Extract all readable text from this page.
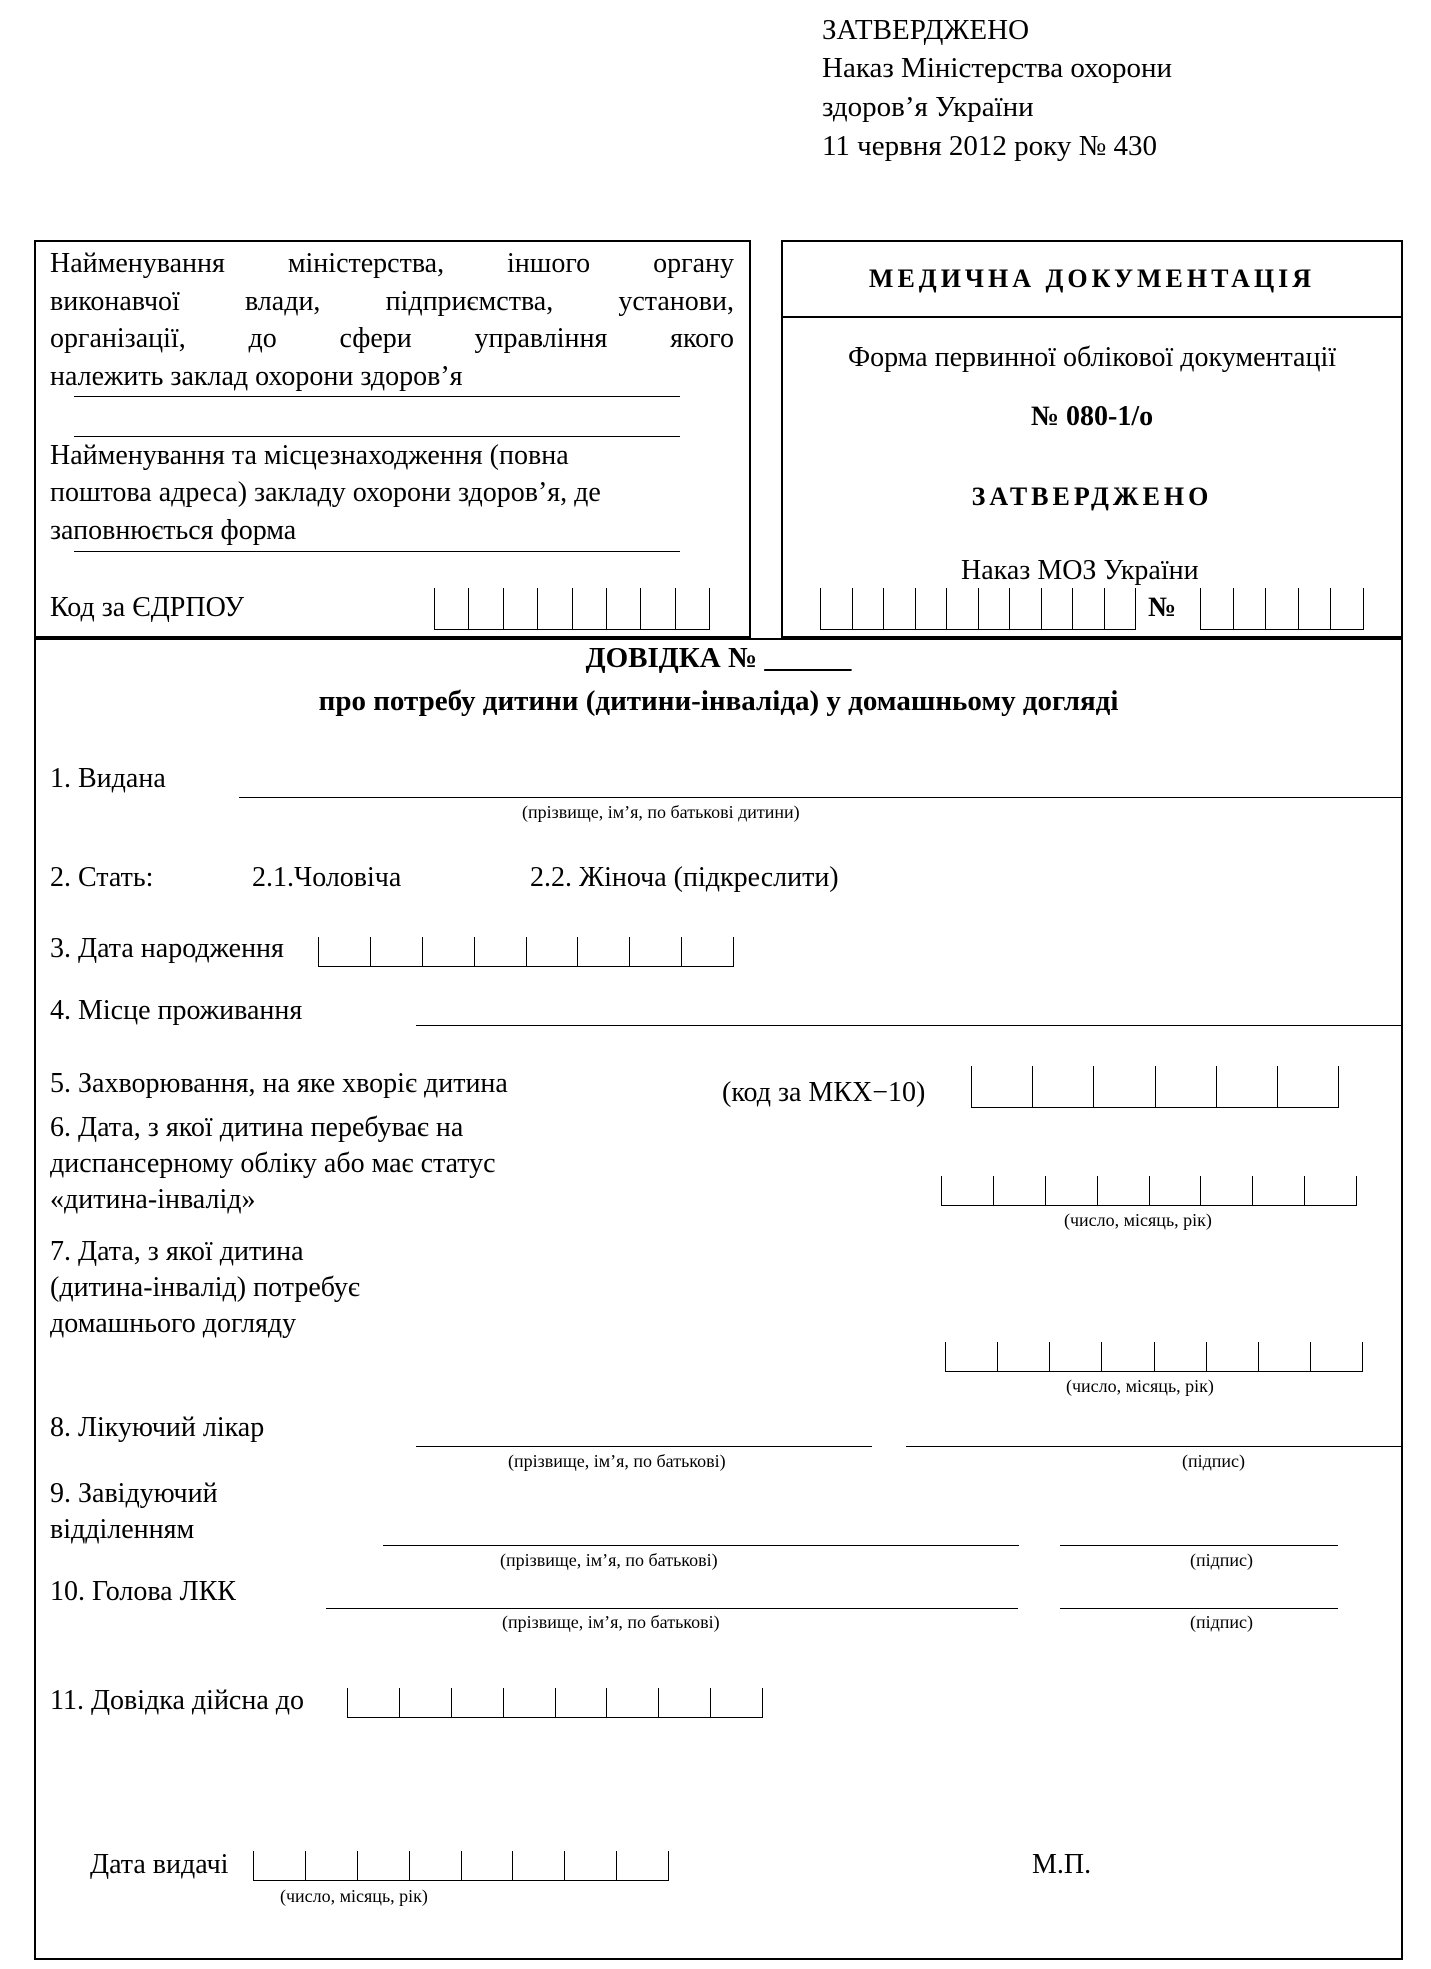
ЗАТВЕРДЖЕНО
Наказ Міністерства охорони
здоров’я України
11 червня 2012 року № 430
Найменування міністерства, іншого органу
виконавчої влади, підприємства, установи,
організації, до сфери управління якого
належить заклад охорони здоров’я
Найменування та місцезнаходження (повна
поштова адреса) закладу охорони здоров’я, де
заповнюється форма
Код за ЄДРПОУ
МЕДИЧНА ДОКУМЕНТАЦІЯ
Форма первинної облікової документації
№ 080-1/о
ЗАТВЕРДЖЕНО
Наказ МОЗ України
№
ДОВІДКА № ______
про потребу дитини (дитини-інваліда) у домашньому догляді
1. Видана
(прізвище, ім’я, по батькові дитини)
2. Стать:	2.1.Чоловіча	2.2. Жіноча (підкреслити)
3. Дата народження
4. Місце проживання
5. Захворювання, на яке хворіє дитина	(код за МКХ−10)
6. Дата, з якої дитина перебуває на
диспансерному обліку або має статус
«дитина-інвалід»
(число, місяць, рік)
7. Дата, з якої дитина
(дитина-інвалід) потребує
домашнього догляду
(число, місяць, рік)
8. Лікуючий лікар
(прізвище, ім’я, по батькові)	(підпис)
9. Завідуючий
відділенням
(прізвище, ім’я, по батькові)	(підпис)
10. Голова ЛКК
(прізвище, ім’я, по батькові)	(підпис)
11. Довідка дійсна до
Дата видачі
(число, місяць, рік)
М.П.
